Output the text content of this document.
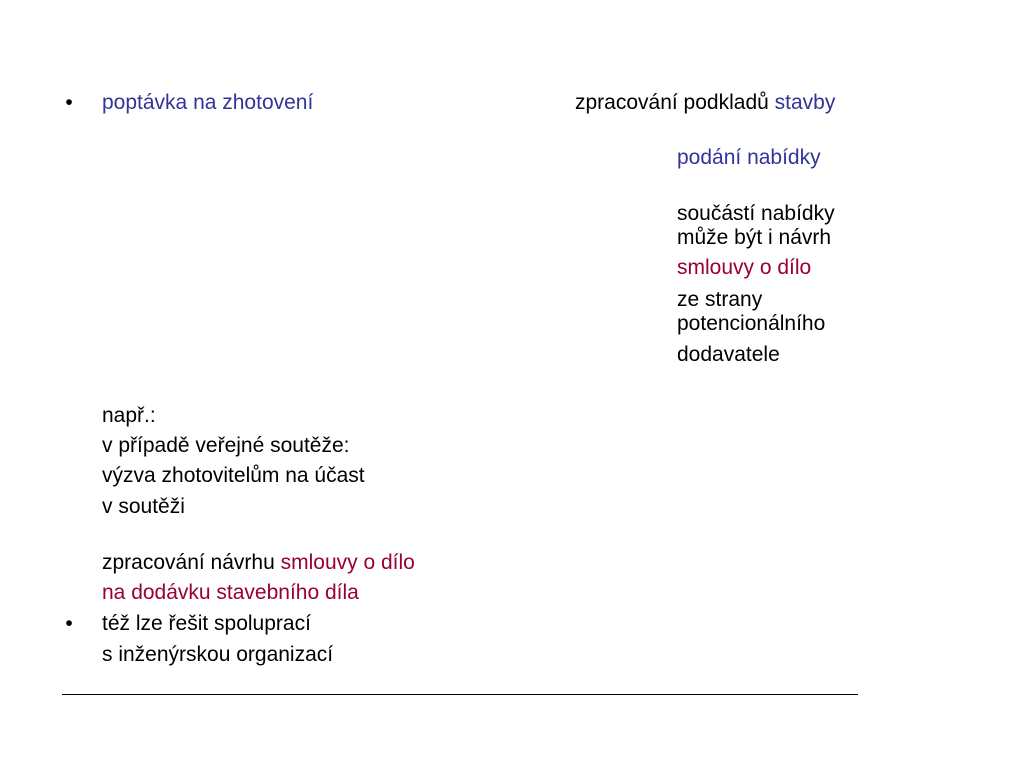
• poptávka na zhotovení	zpracování podkladů stavby
podání nabídky
součástí nabídky
může být i návrh
smlouvy o dílo
ze strany
potencionálního
dodavatele
např.:
v případě veřejné soutěže:
výzva zhotovitelům na účast
v soutěži
zpracování návrhu smlouvy o dílo
na dodávku stavebního díla
• též lze řešit spoluprací
s inženýrskou organizací
